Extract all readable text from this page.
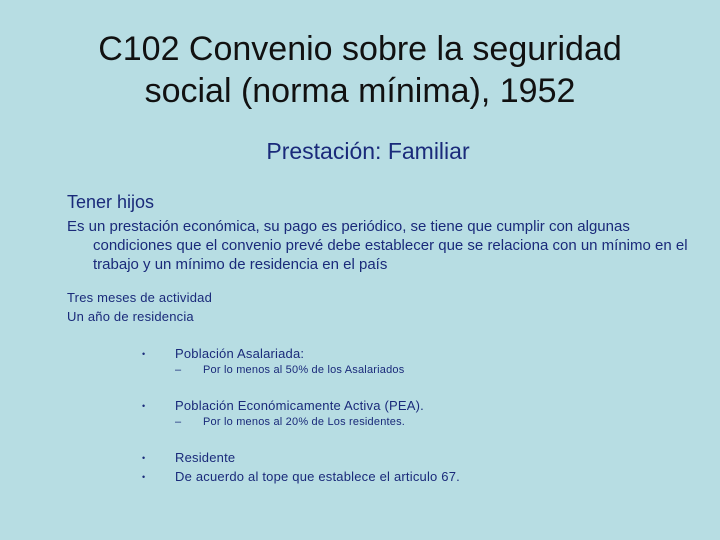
C102 Convenio sobre la seguridad
social (norma mínima), 1952
Prestación: Familiar
Tener hijos
Es un prestación económica, su pago es periódico, se tiene que cumplir con algunas condiciones que el convenio prevé debe establecer que se relaciona con un mínimo en el trabajo y un mínimo de residencia en el país
Tres meses de actividad
Un año de residencia
• Población Asalariada:
– Por lo menos al 50% de los Asalariados
• Población Económicamente Activa (PEA).
– Por lo menos al 20% de Los residentes.
• Residente
• De acuerdo al tope que establece el articulo 67.
